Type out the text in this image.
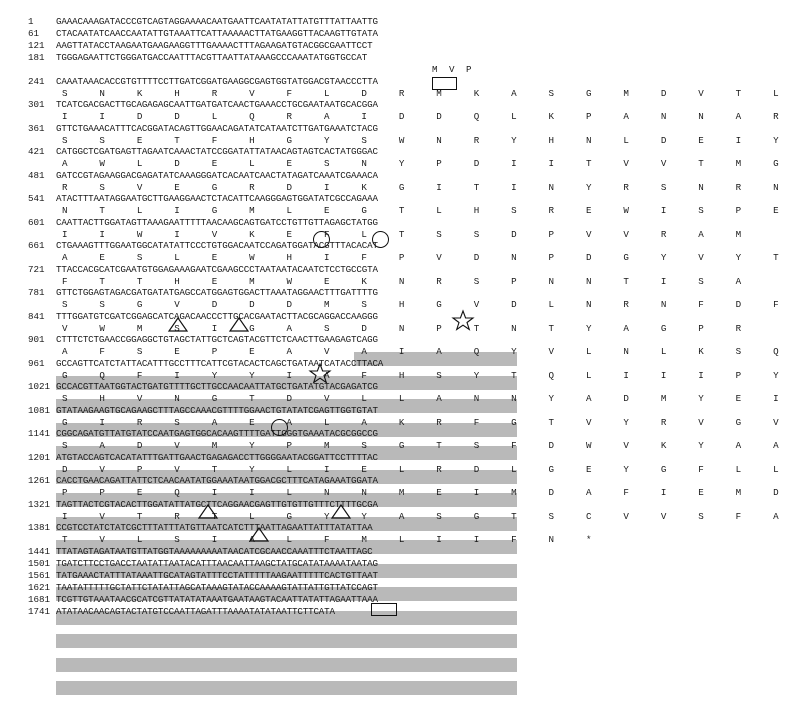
1 GAAACAAAGATACCCGTCAGTAGGAAAACAATGAATTCAATATATTATGTTTATTAATTG
61 CTACAATATCAACCAATATTGTAAATTCATTAAAAACTTATGAAGGTTACAAGTTGTATA
121 AAGTTATACCTAAGAATGAAGAAGGTTTGAAAACTTTAGAAGATGTACGGCGAATTCCT
181 TGGGAGAATTCTGGGATGACCAATTTACGTTAATTATAAAGCCCAAATATGGTGCCAT
M V P
241 CAAATAAACACCGTGTTTTCCTTGATCGGATGAAGGCGAGTGGTATGGACGTAACCCTTA
S N K H R V F L D R M K A S G M D V T L
301 TCATCGACGACTTGCAGAGAGCAATTGATGATCAACTGAAACCTGCGAATAATGCACGGA
I I D D L Q R A I D D Q L K P A N N A R
361 GTTCTGAAACATTTCACGGATACAGTTGGAACAGATATCATAATCTTGATGAAATCTACG
S S E T F H G Y S W N R Y H N L D E I Y
421 CATGGCTCGATGAGTTAGAATCAAACTATCCGGATATTATAACAGTAGTCACTATGGGAC
A W L D E L E S N Y P D I I T V V T M G
481 GATCCGTAGAAGGACGAGATATCAAAGGGATCACAATCAACTATAGATCAAATCGAAACA
R S V E G R D I K G I T I N Y R S N R N
541 ATACTTTAATAGGAATGCTTGAAGGAACTCTACATTCAAGGGAGTGGATATCGCCAGAAA
N T L I G M L E G T L H S R E W I S P E
601 CAATTACTTGGATAGTTAAAGAATTTTTAACAAGCAGTGATCCTGTTGTTAGAGCTATGG
I I W I V K E F L T S S D P V V R A M
661 CTGAAAGTTTGGAATGGCATATATTCCCTGTGGACAATCCAGATGGATACGTTTACACAT
A E S L E W H I F P V D N P D G Y V Y T
721 TTACCACGCATCGAATGTGGAGAAAGAATCGAAGCCCTAATAATACAATCTCCTGCCGTA
F T T H E M W E K N R S P N N T I S A
781 GTTCTGGAGTAGACGATGATATGAGCCATGGAGTGGACTTAAATAGGAACTTTGATTTTG
S S G V D D D M S H G V D L N R N F D F
841 TTTGGATGTCGATCGGAGCATCAGACAACCCTTGCACGAATACTTACGCAGGACCAAGGG
V W M S I G A S D N P T N T Y A G P R
901 CTTTCTCTGAACCGGAGGCTGTAGCTATTGCTCAGTACGTTCTCAACTTGAAGAGTCAGG
A F S E P E A V A I A Q Y V L N L K S Q
961 GCCAGTTCATCTATTACATTTGCCTTTCATTCGTACACTCAGCTGATAATCATACCTTACA
G Q F I Y Y I A F H S Y T Q L I I I P Y
1021 GCCACGTTAATGGTACTGATGTTTTGCTTGCCAACAATTATGCTGATATGTACGAGATCG
S H V N G T D V L L A N N Y A D M Y E I
1081 GTATAAGAAGTGCAGAAGCTTTAGCCAAACGTTTTGGAACTGTATATCGAGTTGGTGTAT
G I R S A E A L A K R F G T V Y R V G V
1141 CGGCAGATGTTATGTATCCAATGAGTGGCACAAGTTTTGATTGGGTGAAATACGCGGCCG
S A D V M Y P M S G T S F D W V K Y A A
1201 ATGTACCAGTCACATATTTGATTGAACTGAGAGACCTTGGGGAATACGGATTCCTTTTAC
D V P V T Y L I E L R D L G E Y G F L L
1261 CACCTGAACAGATTATTCTCAACAATATGGAAATAATGGACGCTTTCATAGAAATGGATA
P P E Q I I L N N M E I M D A F I E M D
1321 TAGTTACTCGTACACTTGGATATTATGCTTCAGGAACGAGTTGTGTTGTTTCTTTTGCGA
I V T R T L G Y Y A S G T S C V V S F A
1381 CCGTCCTATCTATCGCTTTATTTATGTTAATCATCTTTAATTAGAATTATTTATATTAA
T V L S I A L F M L I I F N *
1441 TTATAGTAGATAATGTTATGGTAAAAAAAAATAACATCGCAACCAAATTTCTAATTAGC
1501 TGATCTTCCTGACCTAATATTAATACATTTAACAATTAAGCTATGCATATAAAATAATAG
1561 TATGAAACTATTTATAAATTGCATAGTATTTCCTATTTTTAAGAATTTTTCACTGTTAAT
1621 TAATATTTTTGCTATTCTATATTAGCATAAAGTATACCAAAAGTATTATTGTTATCCAGT
1681 TCGTTGTAAATAACGCATCGTTATATATAAATGAATAAGTACAATTATATTAGAATTAAA
1741 ATATAACAACAGTACTATGTCCAATTAGATTTAAAATATATAATTCTTCATA
